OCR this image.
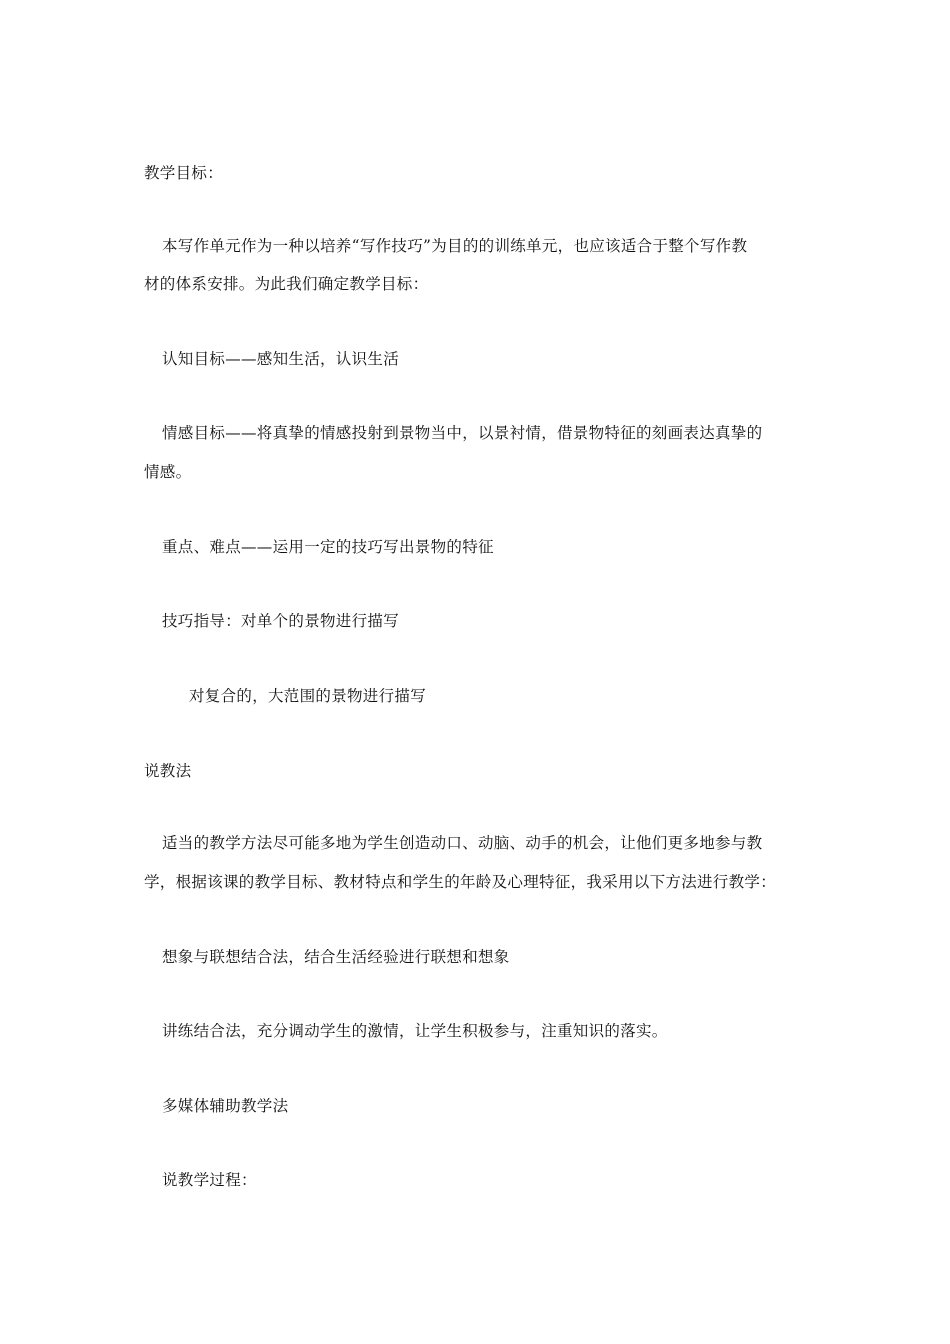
教学目标：
本写作单元作为一种以培养“写作技巧”为目的的训练单元，也应该适合于整个写作教
材的体系安排。为此我们确定教学目标：
认知目标——感知生活，认识生活
情感目标——将真挚的情感投射到景物当中，以景衬情，借景物特征的刻画表达真挚的
情感。
重点、难点——运用一定的技巧写出景物的特征
技巧指导：对单个的景物进行描写
对复合的，大范围的景物进行描写
说教法
适当的教学方法尽可能多地为学生创造动口、动脑、动手的机会，让他们更多地参与教
学，根据该课的教学目标、教材特点和学生的年龄及心理特征，我采用以下方法进行教学：
想象与联想结合法，结合生活经验进行联想和想象
讲练结合法，充分调动学生的激情，让学生积极参与，注重知识的落实。
多媒体辅助教学法
说教学过程：
